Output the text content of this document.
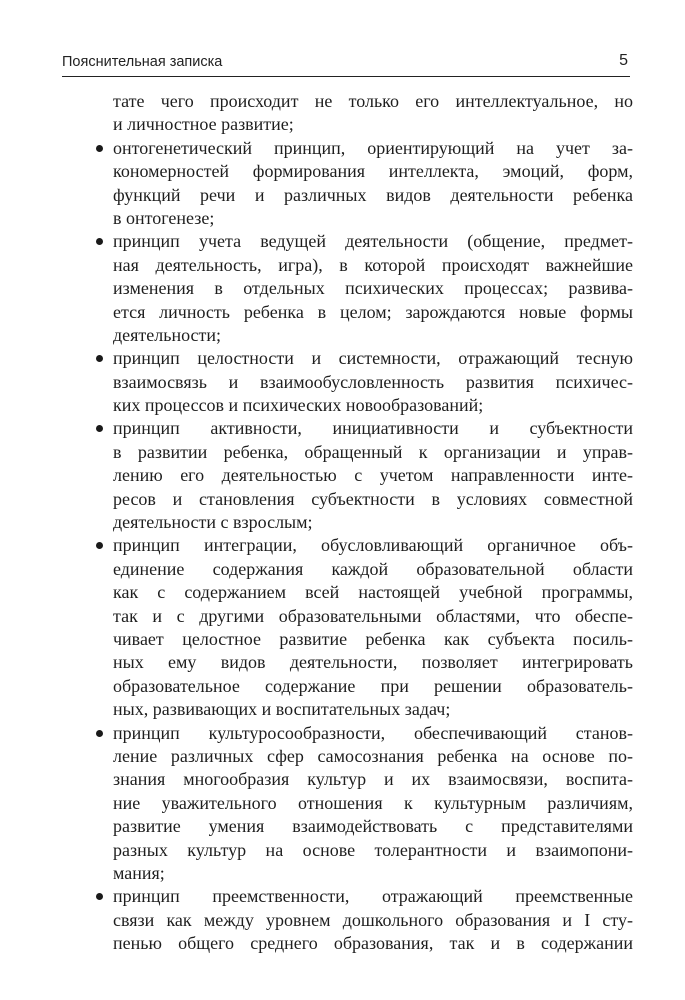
Пояснительная записка	5
тате чего происходит не только его интеллектуальное, но
и личностное развитие;
онтогенетический принцип, ориентирующий на учет за-
кономерностей формирования интеллекта, эмоций, форм,
функций речи и различных видов деятельности ребенка
в онтогенезе;
принцип учета ведущей деятельности (общение, предмет-
ная деятельность, игра), в которой происходят важнейшие
изменения в отдельных психических процессах; развива-
ется личность ребенка в целом; зарождаются новые формы
деятельности;
принцип целостности и системности, отражающий тесную
взаимосвязь и взаимообусловленность развития психичес-
ких процессов и психических новообразований;
принцип активности, инициативности и субъектности
в развитии ребенка, обращенный к организации и управ-
лению его деятельностью с учетом направленности инте-
ресов и становления субъектности в условиях совместной
деятельности с взрослым;
принцип интеграции, обусловливающий органичное объ-
единение содержания каждой образовательной области
как с содержанием всей настоящей учебной программы,
так и с другими образовательными областями, что обеспе-
чивает целостное развитие ребенка как субъекта посиль-
ных ему видов деятельности, позволяет интегрировать
образовательное содержание при решении образователь-
ных, развивающих и воспитательных задач;
принцип культуросообразности, обеспечивающий станов-
ление различных сфер самосознания ребенка на основе по-
знания многообразия культур и их взаимосвязи, воспита-
ние уважительного отношения к культурным различиям,
развитие умения взаимодействовать с представителями
разных культур на основе толерантности и взаимопони-
мания;
принцип преемственности, отражающий преемственные
связи как между уровнем дошкольного образования и I сту-
пенью общего среднего образования, так и в содержании
